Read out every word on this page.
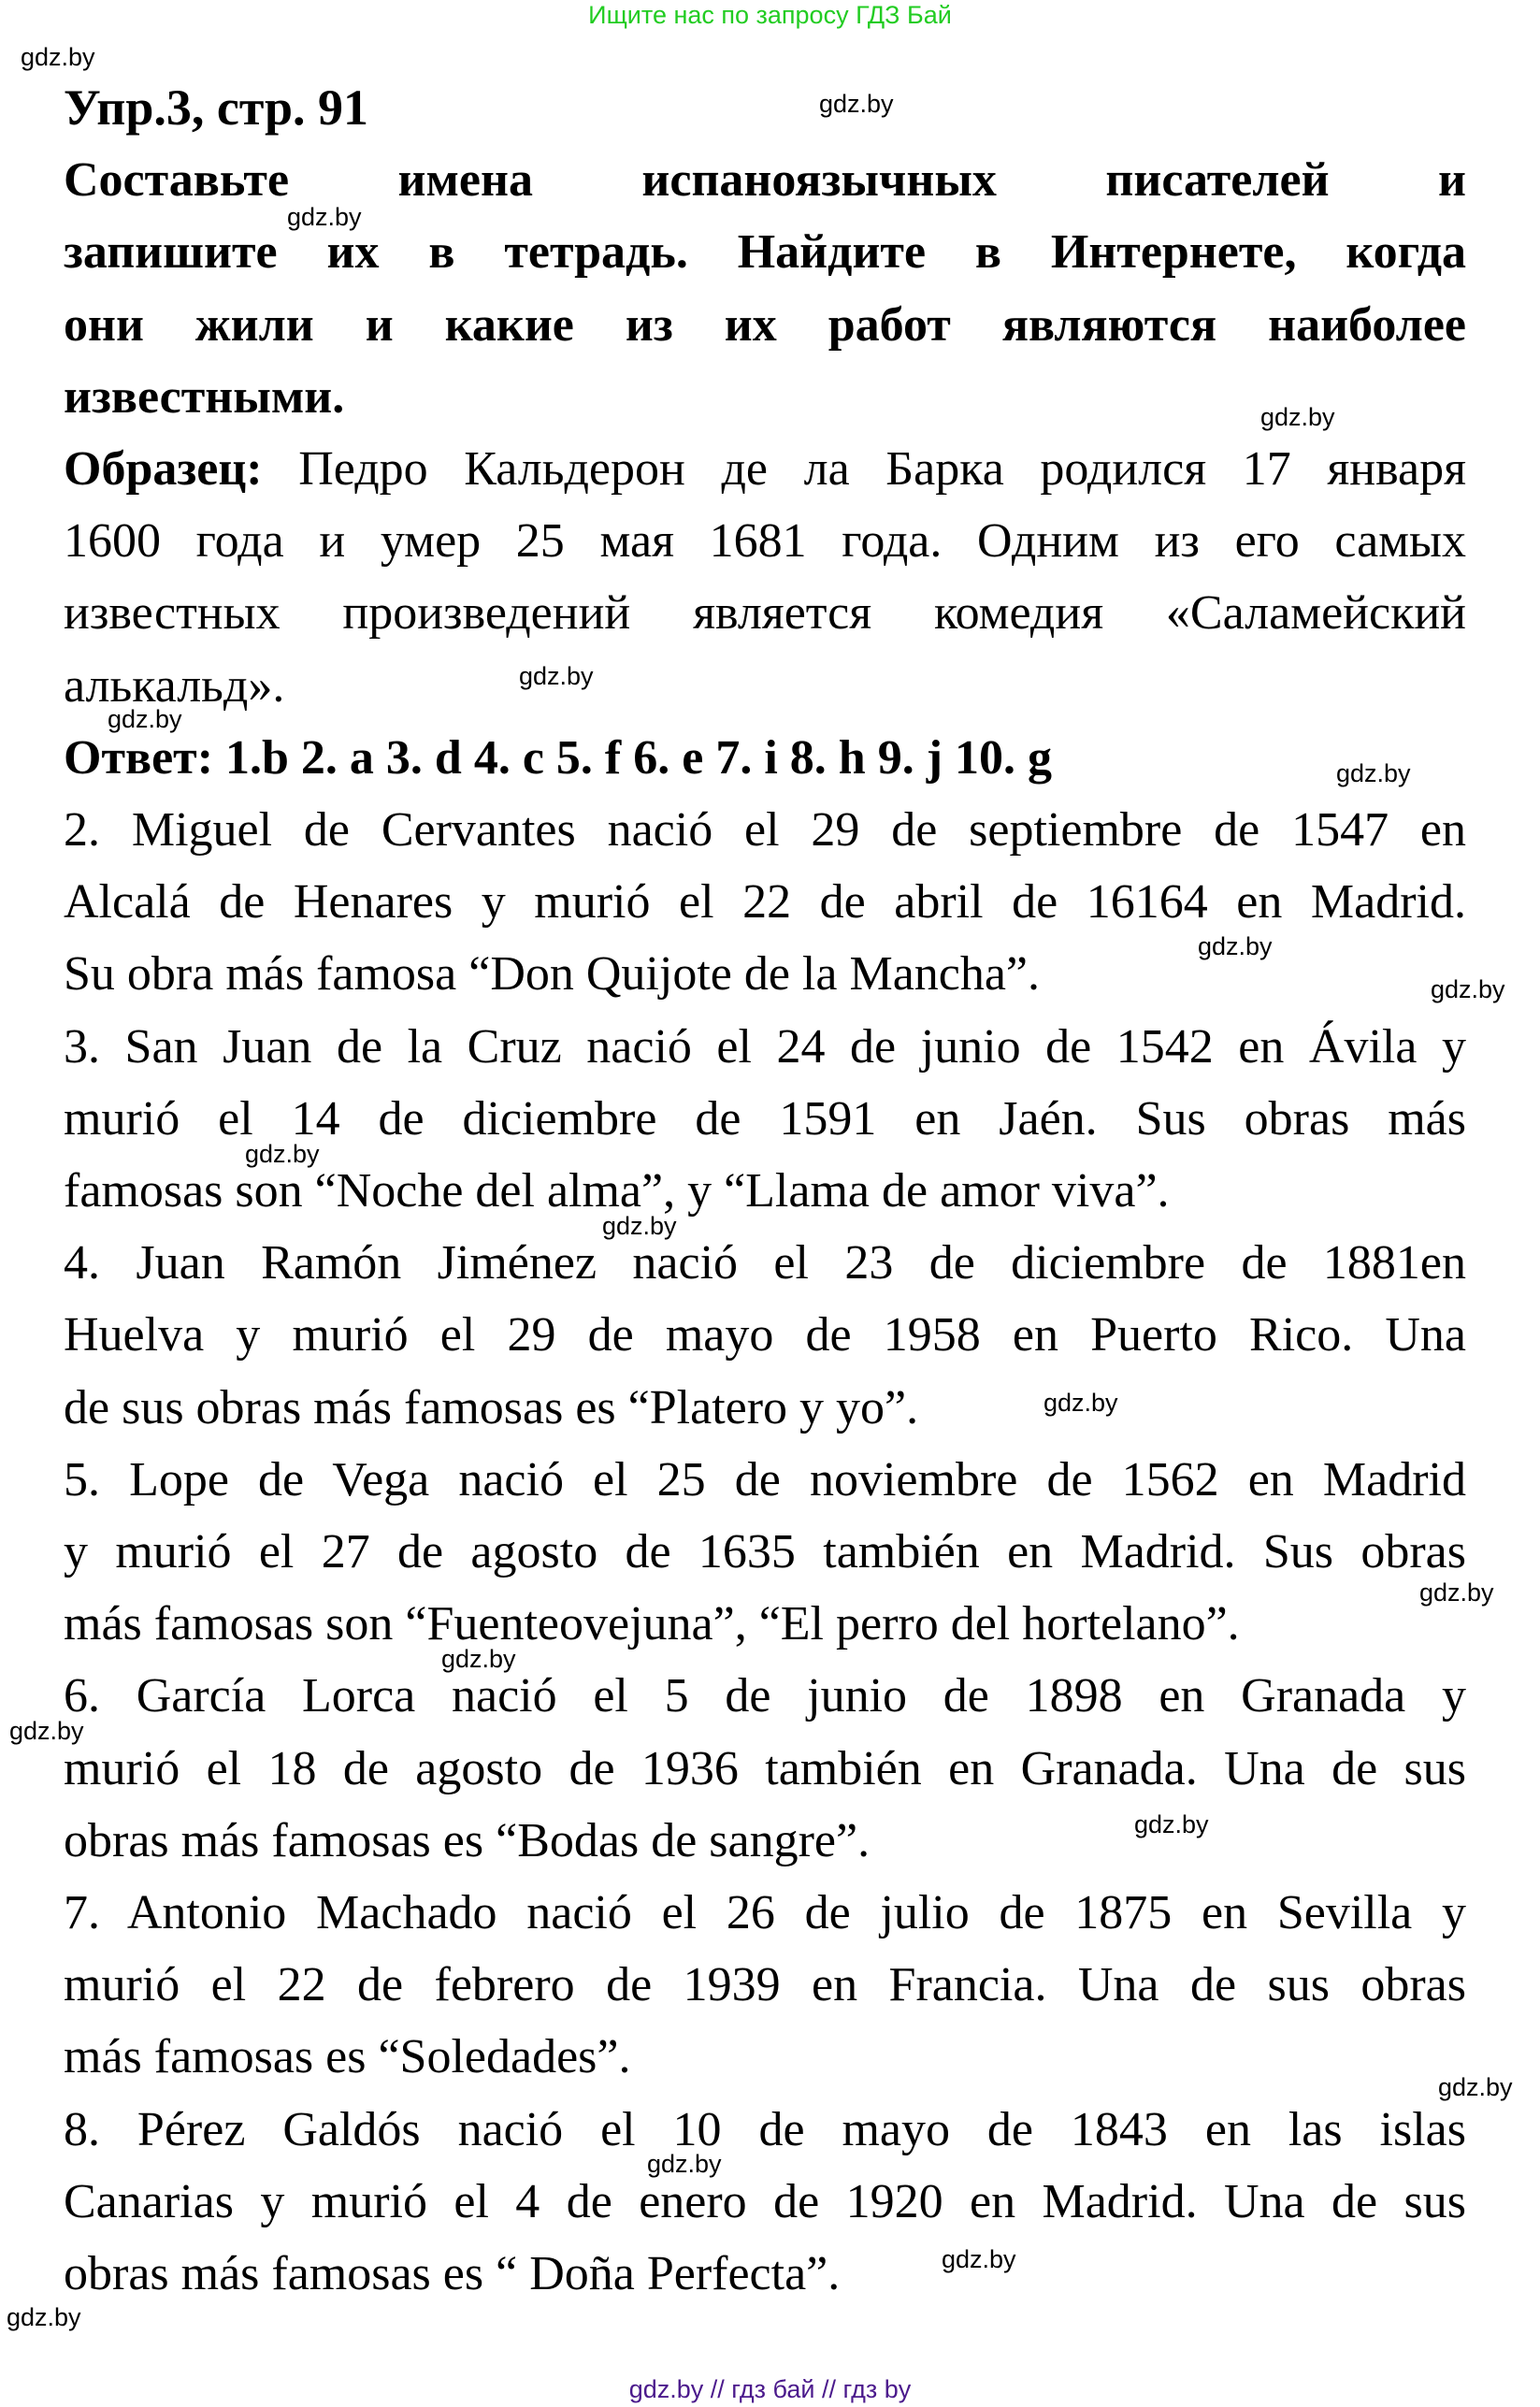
Ищите нас по запросу ГДЗ Бай
Упр.3, стр. 91
Составьте имена испаноязычных писателей и
запишите их в тетрадь. Найдите в Интернете, когда
они жили и какие из их работ являются наиболее
известными.
Образец: Педро Кальдерон де ла Барка родился 17 января
1600 года и умер 25 мая 1681 года. Одним из его самых
известных произведений является комедия «Саламейский
алькальд».
Ответ: 1.b 2. a 3. d 4. c 5. f 6. e 7. i 8. h 9. j 10. g
2. Miguel de Cervantes nació el 29 de septiembre de 1547 en
Alcalá de Henares y murió el 22 de abril de 16164 en Madrid.
Su obra más famosa “Don Quijote de la Mancha”.
3. San Juan de la Cruz nació el 24 de junio de 1542 en Ávila y
murió el 14 de diciembre de 1591 en Jaén. Sus obras más
famosas son “Noche del alma”, y “Llama de amor viva”.
4. Juan Ramón Jiménez nació el 23 de diciembre de 1881en
Huelva y murió el 29 de mayo de 1958 en Puerto Rico. Una
de sus obras más famosas es “Platero y yo”.
5. Lope de Vega nació el 25 de noviembre de 1562 en Madrid
y murió el 27 de agosto de 1635 también en Madrid. Sus obras
más famosas son “Fuenteovejuna”, “El perro del hortelano”.
6. García Lorca nació el 5 de junio de 1898 en Granada y
murió el 18 de agosto de 1936 también en Granada. Una de sus
obras más famosas es “Bodas de sangre”.
7. Antonio Machado nació el 26 de julio de 1875 en Sevilla y
murió el 22 de febrero de 1939 en Francia. Una de sus obras
más famosas es “Soledades”.
8. Pérez Galdós nació el 10 de mayo de 1843 en las islas
Canarias y murió el 4 de enero de 1920 en Madrid. Una de sus
obras más famosas es “ Doña Perfecta”.
gdz.by
gdz.by
gdz.by
gdz.by
gdz.by
gdz.by
gdz.by
gdz.by
gdz.by
gdz.by
gdz.by
gdz.by
gdz.by
gdz.by
gdz.by
gdz.by
gdz.by
gdz.by
gdz.by
gdz.by
gdz.by // гдз бай // гдз by
